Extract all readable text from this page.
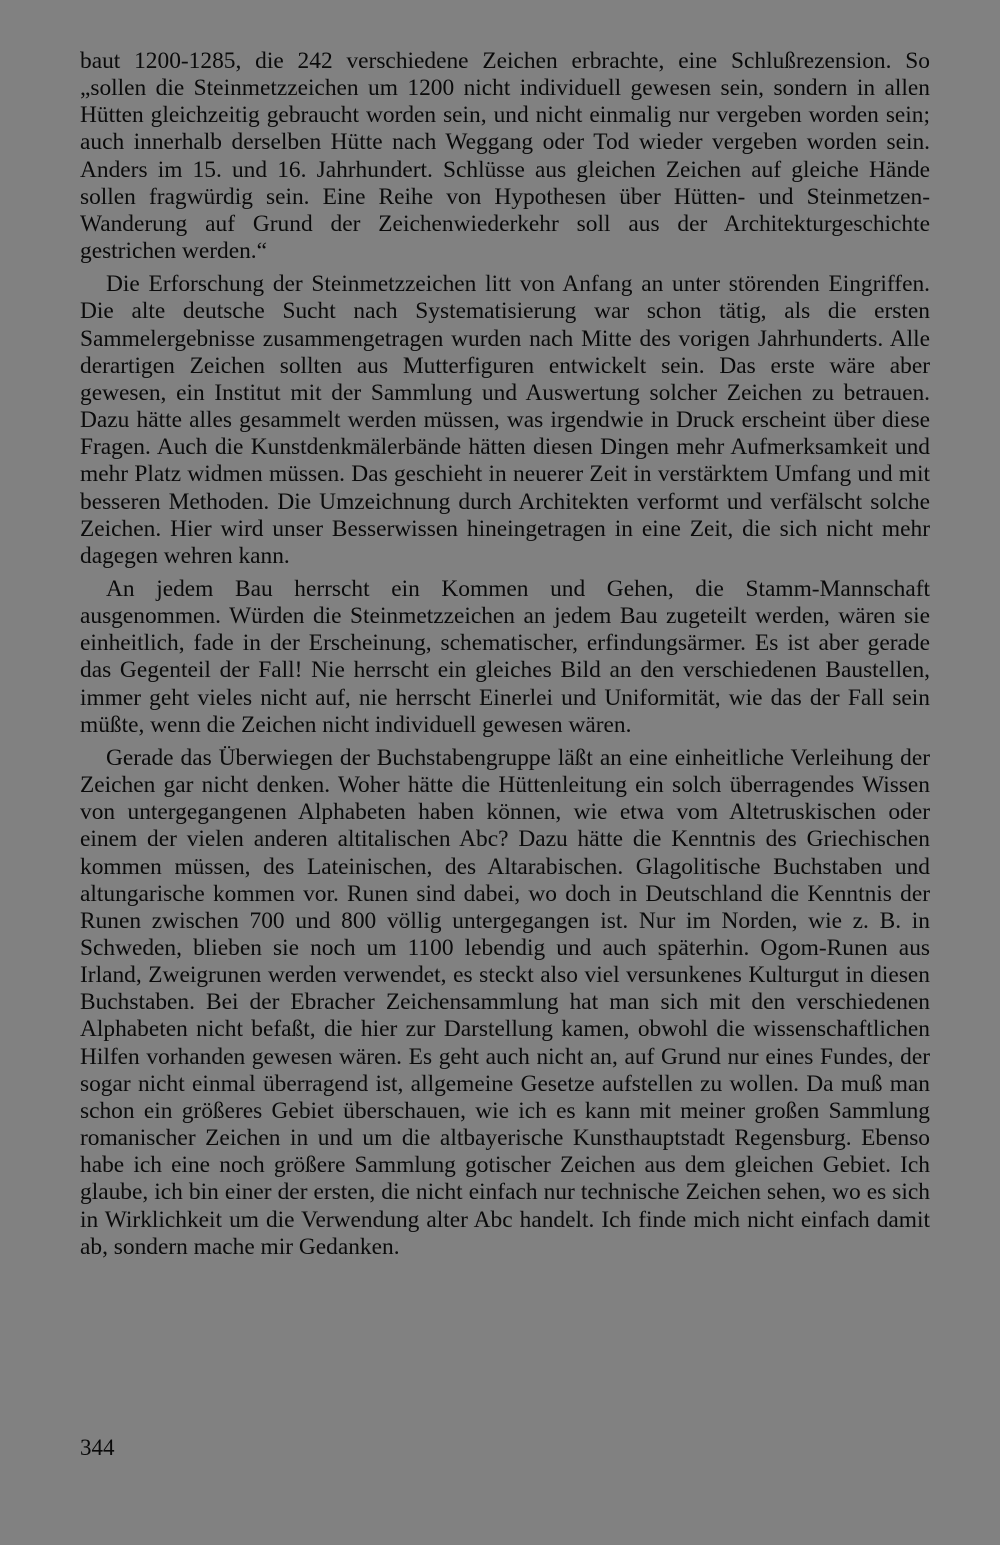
baut 1200-1285, die 242 verschiedene Zeichen erbrachte, eine Schlußrezension. So „sollen die Steinmetzzeichen um 1200 nicht individuell gewesen sein, sondern in allen Hütten gleichzeitig gebraucht worden sein, und nicht einmalig nur vergeben worden sein; auch innerhalb derselben Hütte nach Weggang oder Tod wieder vergeben worden sein. Anders im 15. und 16. Jahrhundert. Schlüsse aus gleichen Zeichen auf gleiche Hände sollen fragwürdig sein. Eine Reihe von Hypothesen über Hütten- und Steinmetzen-Wanderung auf Grund der Zeichenwiederkehr soll aus der Architekturgeschichte gestrichen werden.“

Die Erforschung der Steinmetzzeichen litt von Anfang an unter störenden Eingriffen. Die alte deutsche Sucht nach Systematisierung war schon tätig, als die ersten Sammelergebnisse zusammengetragen wurden nach Mitte des vorigen Jahrhunderts. Alle derartigen Zeichen sollten aus Mutterfiguren entwickelt sein. Das erste wäre aber gewesen, ein Institut mit der Sammlung und Auswertung solcher Zeichen zu betrauen. Dazu hätte alles gesammelt werden müssen, was irgendwie in Druck erscheint über diese Fragen. Auch die Kunstdenkmälerbände hätten diesen Dingen mehr Aufmerksamkeit und mehr Platz widmen müssen. Das geschieht in neuerer Zeit in verstärktem Umfang und mit besseren Methoden. Die Umzeichnung durch Architekten verformt und verfälscht solche Zeichen. Hier wird unser Besserwissen hineingetragen in eine Zeit, die sich nicht mehr dagegen wehren kann.

An jedem Bau herrscht ein Kommen und Gehen, die Stamm-Mannschaft ausgenommen. Würden die Steinmetzzeichen an jedem Bau zugeteilt werden, wären sie einheitlich, fade in der Erscheinung, schematischer, erfindungsärmer. Es ist aber gerade das Gegenteil der Fall! Nie herrscht ein gleiches Bild an den verschiedenen Baustellen, immer geht vieles nicht auf, nie herrscht Einerlei und Uniformität, wie das der Fall sein müßte, wenn die Zeichen nicht individuell gewesen wären.

Gerade das Überwiegen der Buchstabengruppe läßt an eine einheitliche Verleihung der Zeichen gar nicht denken. Woher hätte die Hüttenleitung ein solch überragendes Wissen von untergegangenen Alphabeten haben können, wie etwa vom Altetruskischen oder einem der vielen anderen altitalischen Abc? Dazu hätte die Kenntnis des Griechischen kommen müssen, des Lateinischen, des Altarabischen. Glagolitische Buchstaben und altungarische kommen vor. Runen sind dabei, wo doch in Deutschland die Kenntnis der Runen zwischen 700 und 800 völlig untergegangen ist. Nur im Norden, wie z. B. in Schweden, blieben sie noch um 1100 lebendig und auch späterhin. Ogom-Runen aus Irland, Zweigrunen werden verwendet, es steckt also viel versunkenes Kulturgut in diesen Buchstaben. Bei der Ebracher Zeichensammlung hat man sich mit den verschiedenen Alphabeten nicht befaßt, die hier zur Darstellung kamen, obwohl die wissenschaftlichen Hilfen vorhanden gewesen wären. Es geht auch nicht an, auf Grund nur eines Fundes, der sogar nicht einmal überragend ist, allgemeine Gesetze aufstellen zu wollen. Da muß man schon ein größeres Gebiet überschauen, wie ich es kann mit meiner großen Sammlung romanischer Zeichen in und um die altbayerische Kunsthauptstadt Regensburg. Ebenso habe ich eine noch größere Sammlung gotischer Zeichen aus dem gleichen Gebiet. Ich glaube, ich bin einer der ersten, die nicht einfach nur technische Zeichen sehen, wo es sich in Wirklichkeit um die Verwendung alter Abc handelt. Ich finde mich nicht einfach damit ab, sondern mache mir Gedanken.

344
